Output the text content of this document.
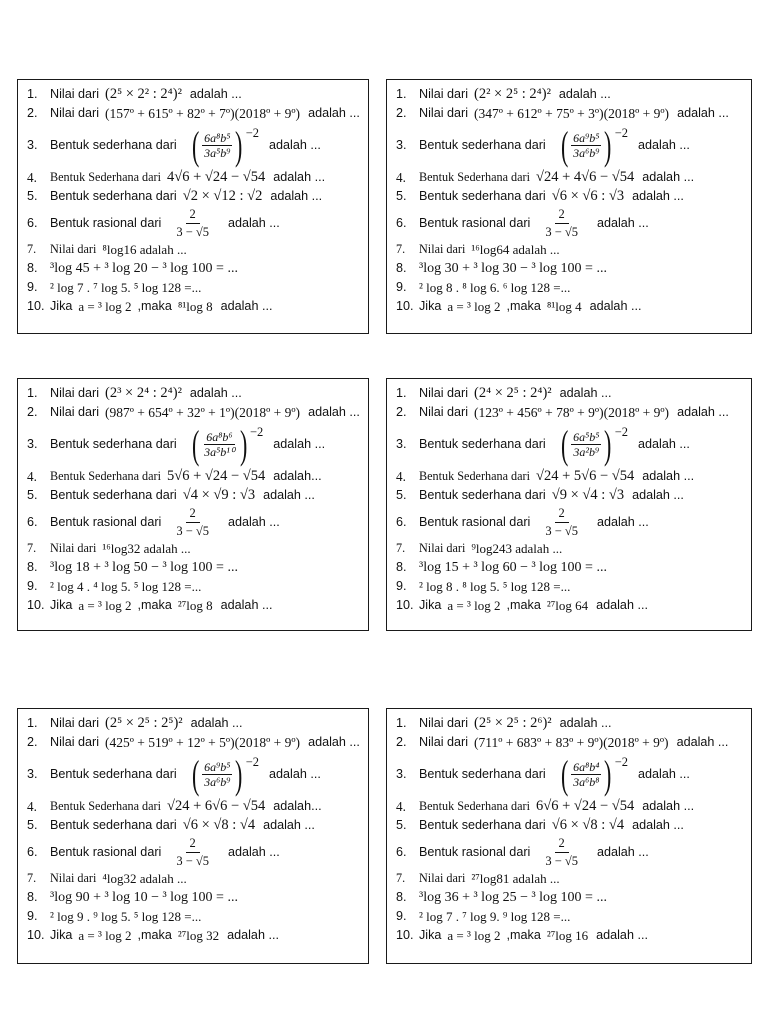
1. Nilai dari (2⁵ × 2² : 2⁴)² adalah ...
2. Nilai dari (157º + 615º + 82º + 7º)(2018º + 9º) adalah ...
3. Bentuk sederhana dari ( $\frac{\text{6a⁸b⁵}}{\text{3a⁵b⁹}}$ ) −2
adalah ...
4.	Bentuk Sederhana dari 4√6 + √24 − √54 adalah ...
5. Bentuk sederhana dari √2 × √12 : √2 adalah ...
6. Bentuk rasional dari $\frac{2}{3 - √5}$ adalah ...
7.	Nilai dari ⁸log16 adalah ...
8. ³log 45 + ³ log 20 − ³ log 100 = ...
9. ² log 7 . ⁷ log 5. ⁵ log 128 =...
10. Jika a = ³ log 2 ,maka ⁸¹log 8 adalah ...
1. Nilai dari (2² × 2⁵ : 2⁴)² adalah ...
2. Nilai dari (347º + 612º + 75º + 3º)(2018º + 9º) adalah ...
3. Bentuk sederhana dari ( $\frac{\text{6a⁹b⁵}}{\text{3a⁶b⁹}}$ ) −2
adalah ...
4.	Bentuk Sederhana dari √24 + 4√6 − √54 adalah ...
5. Bentuk sederhana dari √6 × √6 : √3 adalah ...
6. Bentuk rasional dari $\frac{2}{3 - √5}$ adalah ...
7.	Nilai dari ¹⁶log64 adalah ...
8. ³log 30 + ³ log 30 − ³ log 100 = ...
9. ² log 8 . ⁸ log 6. ⁶ log 128 =...
10. Jika a = ³ log 2 ,maka ⁸¹log 4 adalah ...
1. Nilai dari (2³ × 2⁴ : 2⁴)² adalah ...
2. Nilai dari (987º + 654º + 32º + 1º)(2018º + 9º) adalah ...
3. Bentuk sederhana dari ( $\frac{\text{6a⁸b⁶}}{\text{3a⁵b¹⁰}}$ ) −2
adalah ...
4.	Bentuk Sederhana dari 5√6 + √24 − √54 adalah...
5. Bentuk sederhana dari √4 × √9 : √3 adalah ...
6. Bentuk rasional dari $\frac{2}{3 - √5}$ adalah ...
7.	Nilai dari ¹⁶log32 adalah ...
8. ³log 18 + ³ log 50 − ³ log 100 = ...
9. ² log 4 . ⁴ log 5. ⁵ log 128 =...
10. Jika a = ³ log 2 ,maka ²⁷log 8 adalah ...
1. Nilai dari (2⁴ × 2⁵ : 2⁴)² adalah ...
2. Nilai dari (123º + 456º + 78º + 9º)(2018º + 9º) adalah ...
3. Bentuk sederhana dari ( $\frac{\text{6a⁵b⁵}}{\text{3a²b⁹}}$ ) −2
adalah ...
4.	Bentuk Sederhana dari √24 + 5√6 − √54 adalah ...
5. Bentuk sederhana dari √9 × √4 : √3 adalah ...
6. Bentuk rasional dari $\frac{2}{3 - √5}$ adalah ...
7.	Nilai dari ⁹log243 adalah ...
8. ³log 15 + ³ log 60 − ³ log 100 = ...
9. ² log 8 . ⁸ log 5. ⁵ log 128 =...
10. Jika a = ³ log 2 ,maka ²⁷log 64 adalah ...
1. Nilai dari (2⁵ × 2⁵ : 2⁵)² adalah ...
2. Nilai dari (425º + 519º + 12º + 5º)(2018º + 9º) adalah ...
3. Bentuk sederhana dari ( $\frac{\text{6a⁹b⁵}}{\text{3a⁶b⁹}}$ ) −2
adalah ...
4.	Bentuk Sederhana dari √24 + 6√6 − √54 adalah...
5. Bentuk sederhana dari √6 × √8 : √4 adalah ...
6. Bentuk rasional dari $\frac{2}{3 - √5}$ adalah ...
7.	Nilai dari ⁴log32 adalah ...
8. ³log 90 + ³ log 10 − ³ log 100 = ...
9. ² log 9 . ⁹ log 5. ⁵ log 128 =...
10. Jika a = ³ log 2 ,maka ²⁷log 32 adalah ...
1. Nilai dari (2⁵ × 2⁵ : 2⁶)² adalah ...
2. Nilai dari (711º + 683º + 83º + 9º)(2018º + 9º) adalah ...
3. Bentuk sederhana dari ( $\frac{\text{6a⁸b⁴}}{\text{3a⁶b⁸}}$ ) −2
adalah ...
4.	Bentuk Sederhana dari 6√6 + √24 − √54 adalah ...
5. Bentuk sederhana dari √6 × √8 : √4 adalah ...
6. Bentuk rasional dari $\frac{2}{3 - √5}$ adalah ...
7.	Nilai dari ²⁷log81 adalah ...
8. ³log 36 + ³ log 25 − ³ log 100 = ...
9. ² log 7 . ⁷ log 9. ⁹ log 128 =...
10. Jika a = ³ log 2 ,maka ²⁷log 16 adalah ...
